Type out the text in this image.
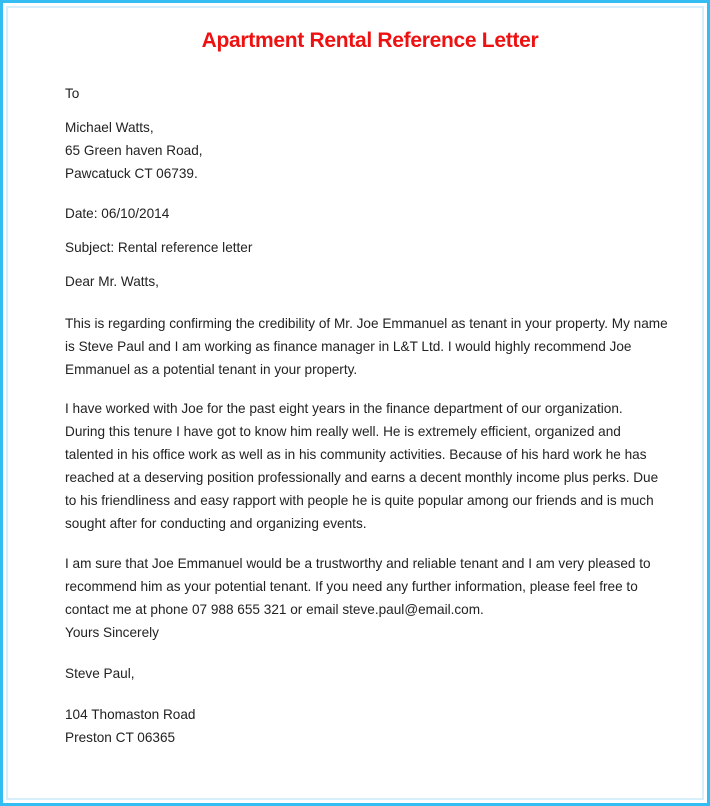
Apartment Rental Reference Letter
To
Michael Watts,
65 Green haven Road,
Pawcatuck CT 06739.
Date: 06/10/2014
Subject: Rental reference letter
Dear Mr. Watts,
This is regarding confirming the credibility of Mr. Joe Emmanuel as tenant in your property. My name
is Steve Paul and I am working as finance manager in L&T Ltd. I would highly recommend Joe
Emmanuel as a potential tenant in your property.
I have worked with Joe for the past eight years in the finance department of our organization.
During this tenure I have got to know him really well. He is extremely efficient, organized and
talented in his office work as well as in his community activities. Because of his hard work he has
reached at a deserving position professionally and earns a decent monthly income plus perks. Due
to his friendliness and easy rapport with people he is quite popular among our friends and is much
sought after for conducting and organizing events.
I am sure that Joe Emmanuel would be a trustworthy and reliable tenant and I am very pleased to
recommend him as your potential tenant. If you need any further information, please feel free to
contact me at phone 07 988 655 321 or email steve.paul@email.com.
Yours Sincerely
Steve Paul,
104 Thomaston Road
Preston CT 06365
